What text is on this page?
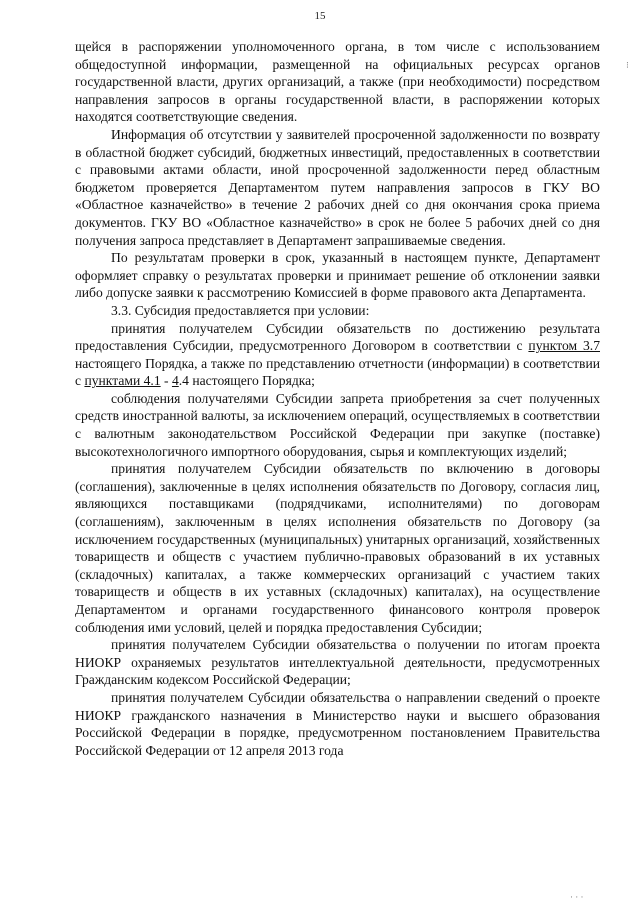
15

щейся в распоряжении уполномоченного органа, в том числе с использованием общедоступной информации, размещенной на официальных ресурсах органов государственной власти, других организаций, а также (при необходимости) посредством направления запросов в органы государственной власти, в распоряжении которых находятся соответствующие сведения.

Информация об отсутствии у заявителей просроченной задолженности по возврату в областной бюджет субсидий, бюджетных инвестиций, предоставленных в соответствии с правовыми актами области, иной просроченной задолженности перед областным бюджетом проверяется Департаментом путем направления запросов в ГКУ ВО «Областное казначейство» в течение 2 рабочих дней со дня окончания срока приема документов. ГКУ ВО «Областное казначейство» в срок не более 5 рабочих дней со дня получения запроса представляет в Департамент запрашиваемые сведения.

По результатам проверки в срок, указанный в настоящем пункте, Департамент оформляет справку о результатах проверки и принимает решение об отклонении заявки либо допуске заявки к рассмотрению Комиссией в форме правового акта Департамента.

3.3. Субсидия предоставляется при условии:

принятия получателем Субсидии обязательств по достижению результата предоставления Субсидии, предусмотренного Договором в соответствии с пунктом 3.7 настоящего Порядка, а также по представлению отчетности (информации) в соответствии с пунктами 4.1 - 4.4 настоящего Порядка;

соблюдения получателями Субсидии запрета приобретения за счет полученных средств иностранной валюты, за исключением операций, осуществляемых в соответствии с валютным законодательством Российской Федерации при закупке (поставке) высокотехнологичного импортного оборудования, сырья и комплектующих изделий;

принятия получателем Субсидии обязательств по включению в договоры (соглашения), заключенные в целях исполнения обязательств по Договору, согласия лиц, являющихся поставщиками (подрядчиками, исполнителями) по договорам (соглашениям), заключенным в целях исполнения обязательств по Договору (за исключением государственных (муниципальных) унитарных организаций, хозяйственных товариществ и обществ с участием публично-правовых образований в их уставных (складочных) капиталах, а также коммерческих организаций с участием таких товариществ и обществ в их уставных (складочных) капиталах), на осуществление Департаментом и органами государственного финансового контроля проверок соблюдения ими условий, целей и порядка предоставления Субсидии;

принятия получателем Субсидии обязательства о получении по итогам проекта НИОКР охраняемых результатов интеллектуальной деятельности, предусмотренных Гражданским кодексом Российской Федерации;

принятия получателем Субсидии обязательства о направлении сведений о проекте НИОКР гражданского назначения в Министерство науки и высшего образования Российской Федерации в порядке, предусмотренном постановлением Правительства Российской Федерации от 12 апреля 2013 года

⁝
· · ·
